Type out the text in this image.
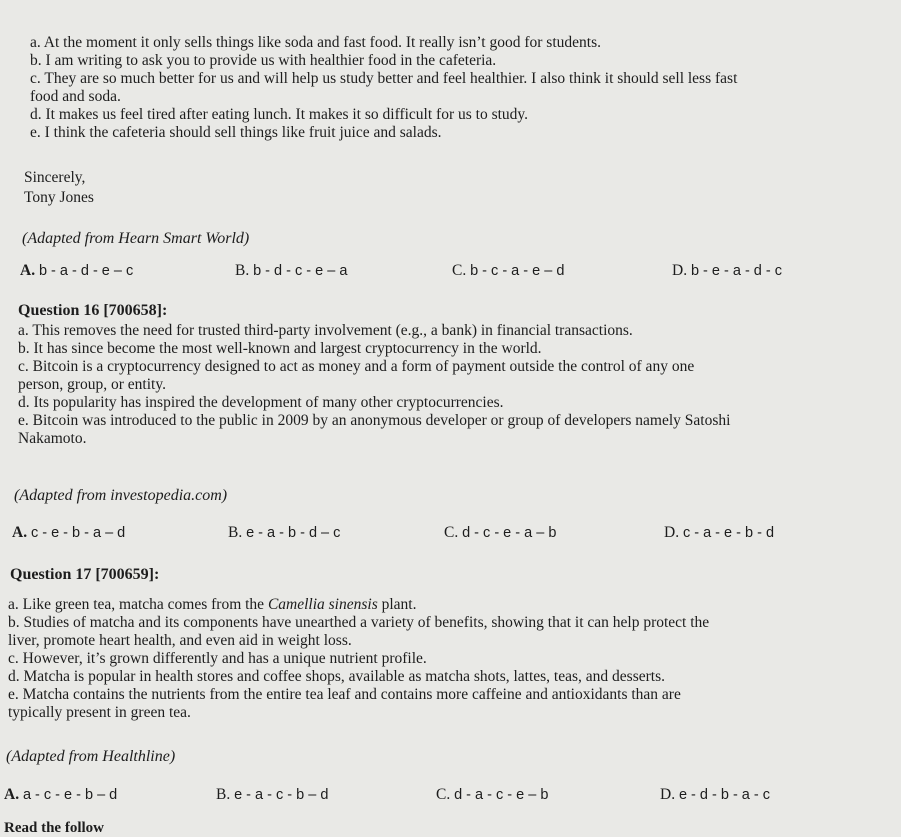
a. At the moment it only sells things like soda and fast food. It really isn’t good for students.

b. I am writing to ask you to provide us with healthier food in the cafeteria.

c. They are so much better for us and will help us study better and feel healthier. I also think it should sell less fast

food and soda.

d. It makes us feel tired after eating lunch. It makes it so difficult for us to study.

e. I think the cafeteria should sell things like fruit juice and salads.

Sincerely,

Tony Jones

(Adapted from Hearn Smart World)
A. b - a - d - e – c	B. b - d - c - e – a	C. b - c - a - e – d	D. b - e - a - d - c
Question 16 [700658]:

a. This removes the need for trusted third-party involvement (e.g., a bank) in financial transactions.

b. It has since become the most well-known and largest cryptocurrency in the world.

c. Bitcoin is a cryptocurrency designed to act as money and a form of payment outside the control of any one

person, group, or entity.

d. Its popularity has inspired the development of many other cryptocurrencies.

e. Bitcoin was introduced to the public in 2009 by an anonymous developer or group of developers namely Satoshi

Nakamoto.

(Adapted from investopedia.com)
A. c - e - b - a – d	B. e - a - b - d – c	C. d - c - e - a – b	D. c - a - e - b - d
Question 17 [700659]:

a. Like green tea, matcha comes from the Camellia sinensis plant.

b. Studies of matcha and its components have unearthed a variety of benefits, showing that it can help protect the

liver, promote heart health, and even aid in weight loss.

c. However, it’s grown differently and has a unique nutrient profile.

d. Matcha is popular in health stores and coffee shops, available as matcha shots, lattes, teas, and desserts.

e. Matcha contains the nutrients from the entire tea leaf and contains more caffeine and antioxidants than are

typically present in green tea.

(Adapted from Healthline)
A. a - c - e - b – d	B. e - a - c - b – d	C. d - a - c - e – b	D. e - d - b - a - c
Read the follow
